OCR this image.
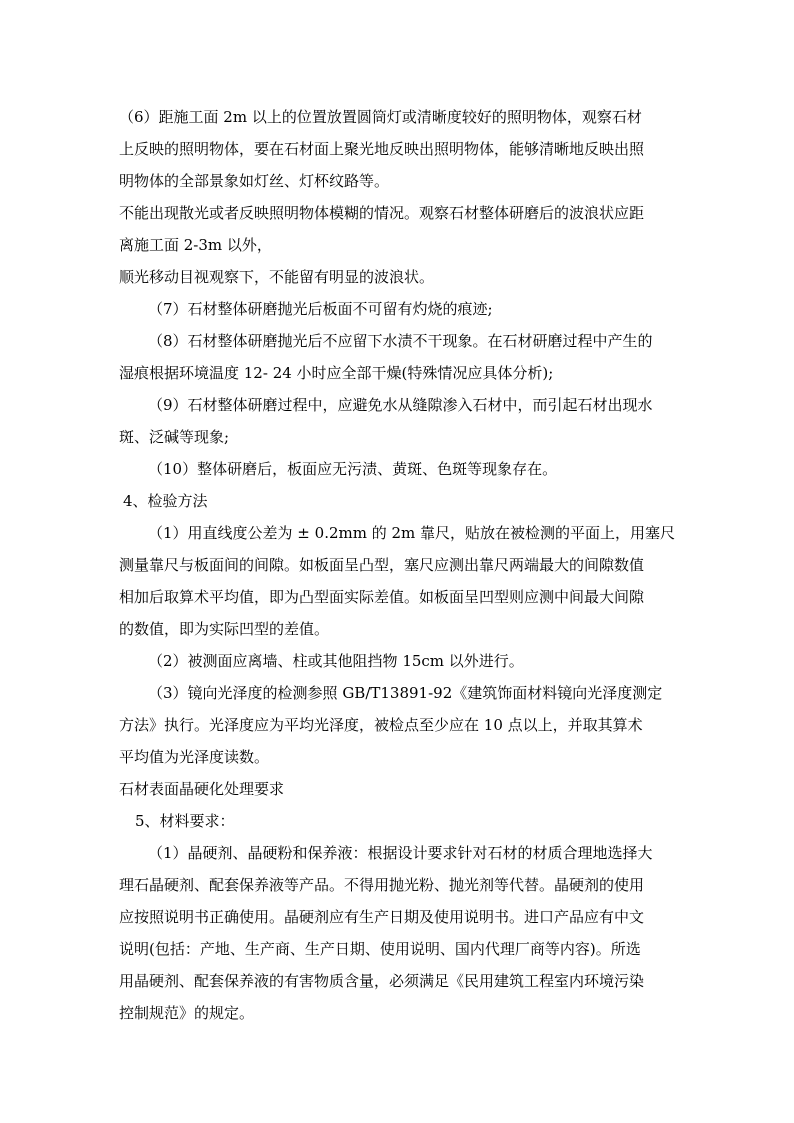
（6）距施工面 2m 以上的位置放置圆筒灯或清晰度较好的照明物体，观察石材
上反映的照明物体，要在石材面上聚光地反映出照明物体，能够清晰地反映出照
明物体的全部景象如灯丝、灯杯纹路等。
不能出现散光或者反映照明物体模糊的情况。观察石材整体研磨后的波浪状应距
离施工面 2-3m 以外，
顺光移动目视观察下，不能留有明显的波浪状。
（7）石材整体研磨抛光后板面不可留有灼烧的痕迹;
（8）石材整体研磨抛光后不应留下水渍不干现象。在石材研磨过程中产生的
湿痕根据环境温度 12- 24 小时应全部干燥(特殊情况应具体分析);
（9）石材整体研磨过程中，应避免水从缝隙渗入石材中，而引起石材出现水
斑、泛碱等现象;
（10）整体研磨后，板面应无污渍、黄斑、色斑等现象存在。
4、检验方法
（1）用直线度公差为 ± 0.2mm 的 2m 靠尺，贴放在被检测的平面上，用塞尺
测量靠尺与板面间的间隙。如板面呈凸型，塞尺应测出靠尺两端最大的间隙数值
相加后取算术平均值，即为凸型面实际差值。如板面呈凹型则应测中间最大间隙
的数值，即为实际凹型的差值。
（2）被测面应离墙、柱或其他阻挡物 15cm 以外进行。
（3）镜向光泽度的检测参照 GB/T13891-92《建筑饰面材料镜向光泽度测定
方法》执行。光泽度应为平均光泽度，被检点至少应在 10 点以上，并取其算术
平均值为光泽度读数。
石材表面晶硬化处理要求
5、材料要求：
（1）晶硬剂、晶硬粉和保养液：根据设计要求针对石材的材质合理地选择大
理石晶硬剂、配套保养液等产品。不得用抛光粉、抛光剂等代替。晶硬剂的使用
应按照说明书正确使用。晶硬剂应有生产日期及使用说明书。进口产品应有中文
说明(包括：产地、生产商、生产日期、使用说明、国内代理厂商等内容)。所选
用晶硬剂、配套保养液的有害物质含量，必须满足《民用建筑工程室内环境污染
控制规范》的规定。
